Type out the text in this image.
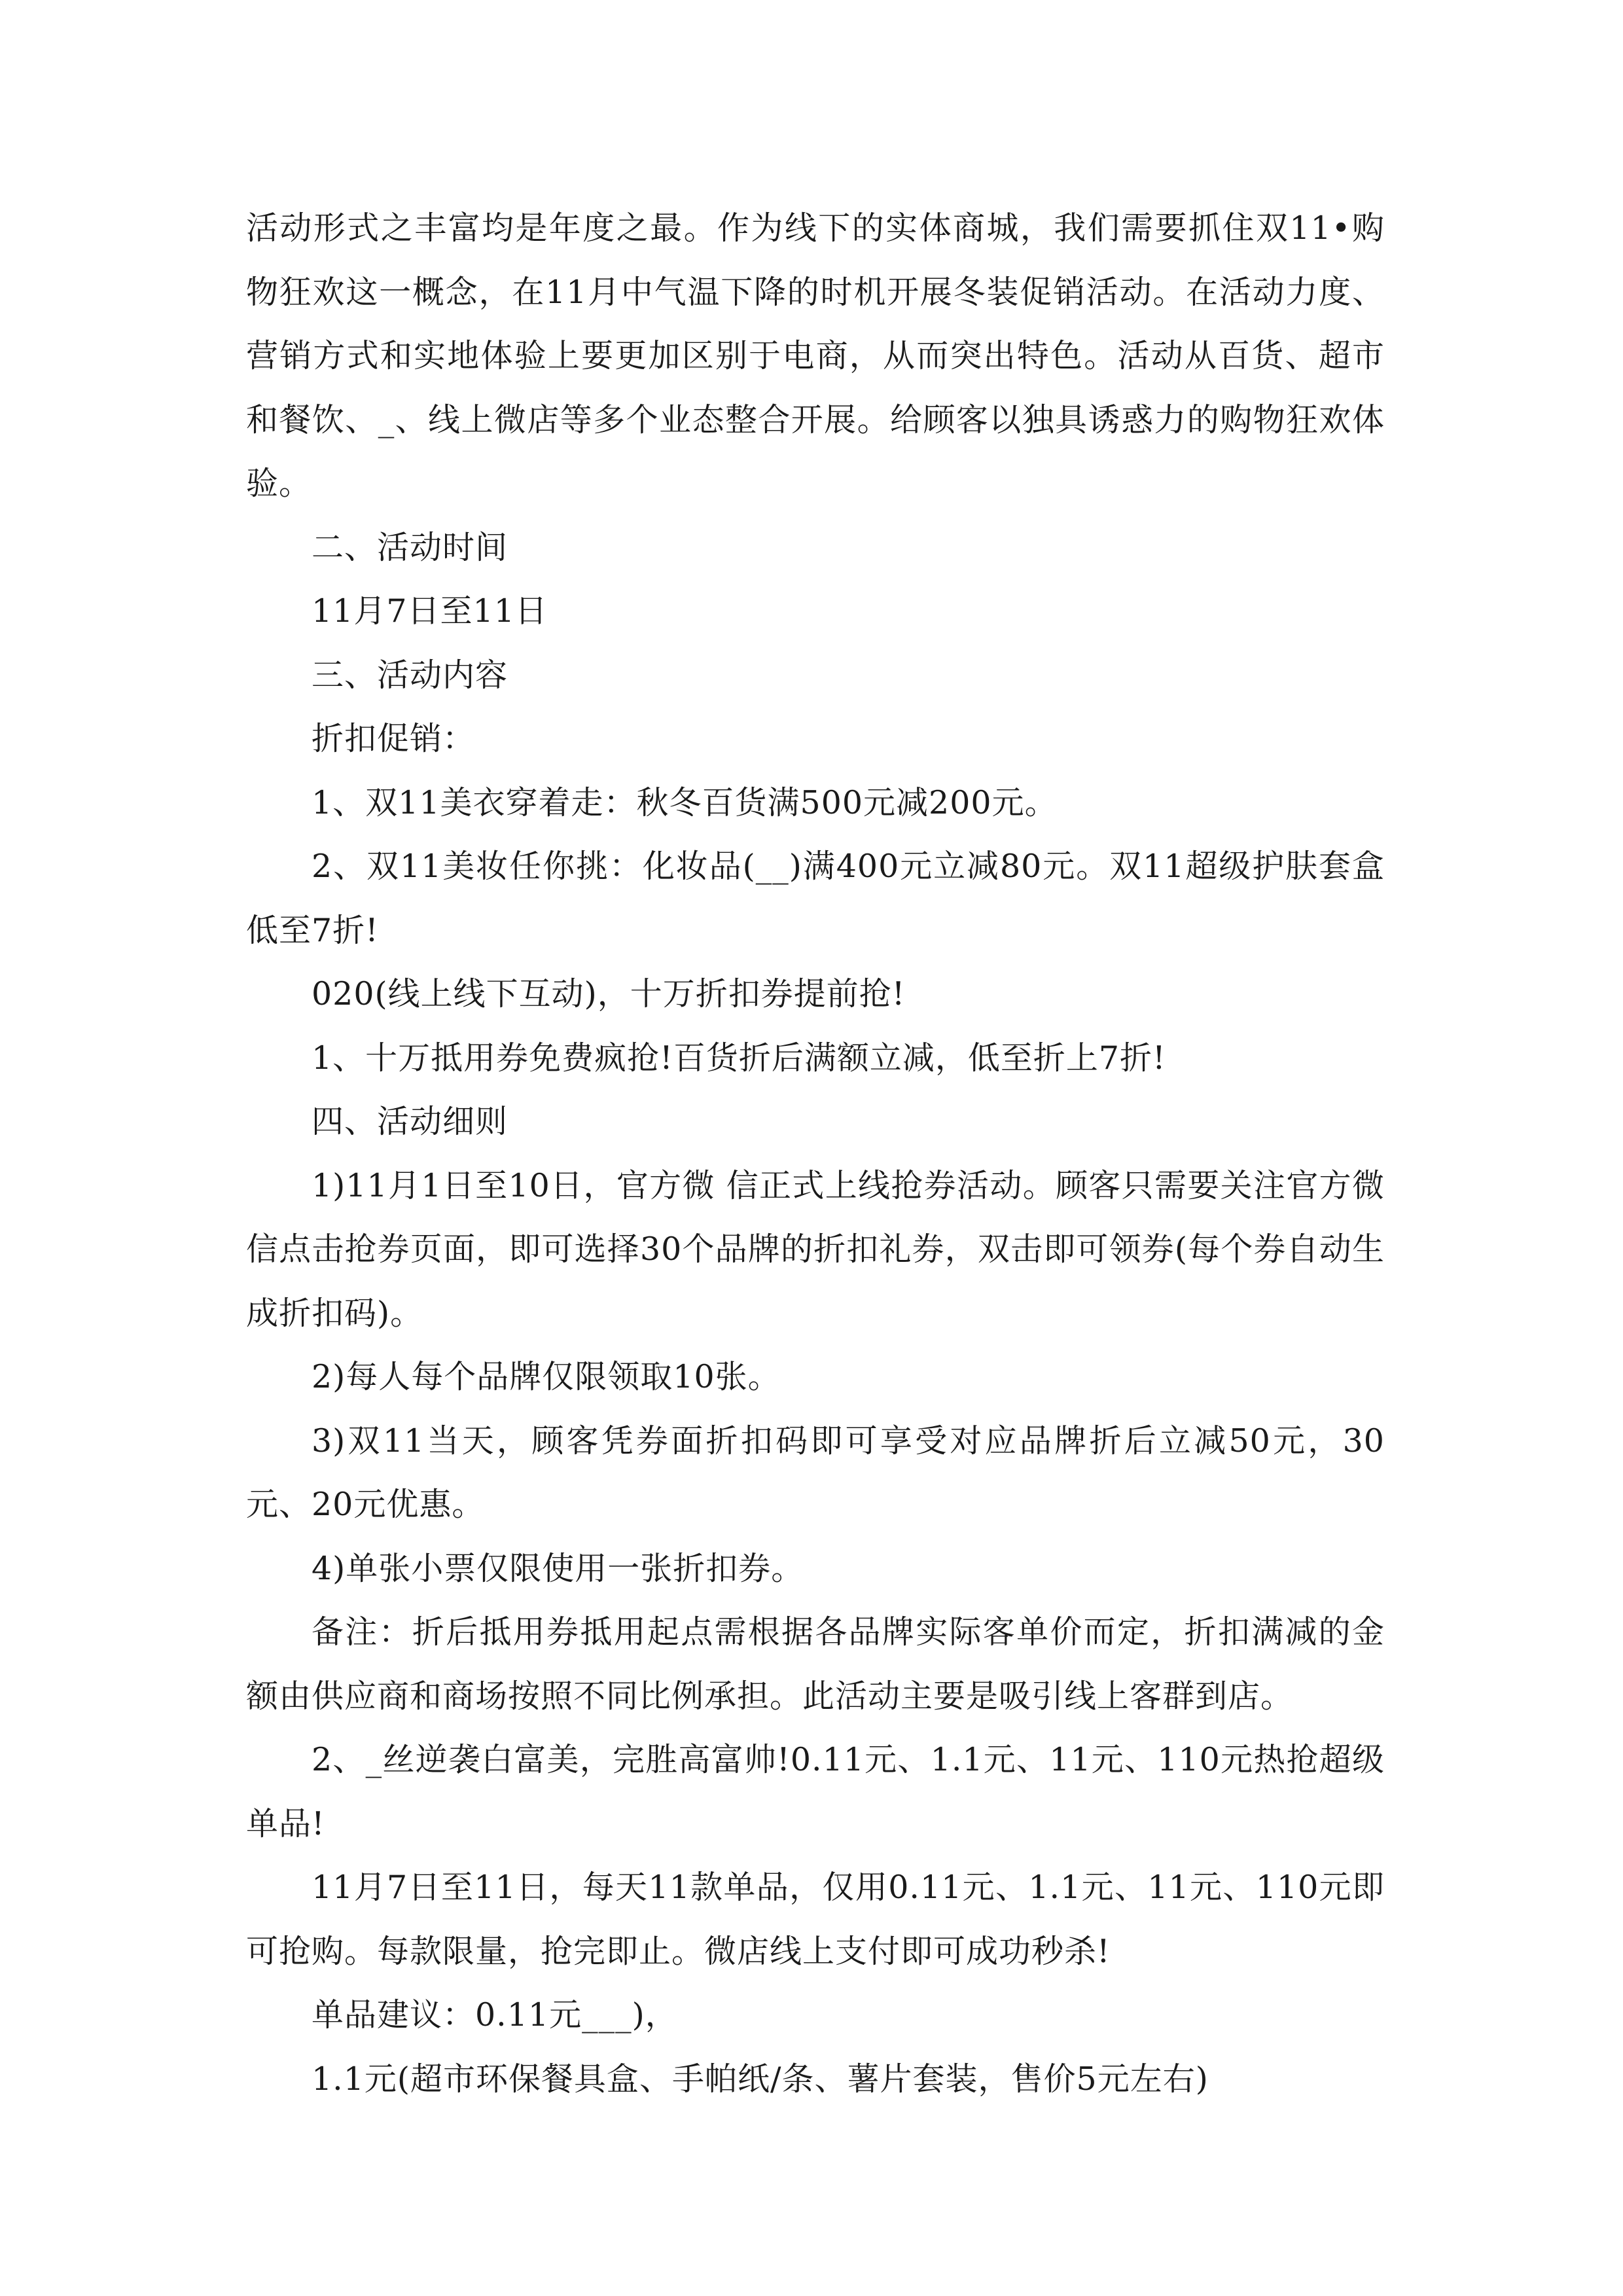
活动形式之丰富均是年度之最。作为线下的实体商城，我们需要抓住双11•购物狂欢这一概念，在11月中气温下降的时机开展冬装促销活动。在活动力度、营销方式和实地体验上要更加区别于电商，从而突出特色。活动从百货、超市和餐饮、_、线上微店等多个业态整合开展。给顾客以独具诱惑力的购物狂欢体验。

二、活动时间

11月7日至11日

三、活动内容

折扣促销：

1、双11美衣穿着走：秋冬百货满500元减200元。

2、双11美妆任你挑：化妆品(__)满400元立减80元。双11超级护肤套盒低至7折!

020(线上线下互动)，十万折扣券提前抢!

1、十万抵用券免费疯抢!百货折后满额立减，低至折上7折!

四、活动细则

1)11月1日至10日，官方微 信正式上线抢券活动。顾客只需要关注官方微信点击抢券页面，即可选择30个品牌的折扣礼券，双击即可领券(每个券自动生成折扣码)。

2)每人每个品牌仅限领取10张。

3)双11当天，顾客凭券面折扣码即可享受对应品牌折后立减50元，30元、20元优惠。

4)单张小票仅限使用一张折扣券。

备注：折后抵用券抵用起点需根据各品牌实际客单价而定，折扣满减的金额由供应商和商场按照不同比例承担。此活动主要是吸引线上客群到店。

2、_丝逆袭白富美，完胜高富帅!0.11元、1.1元、11元、110元热抢超级单品!

11月7日至11日，每天11款单品，仅用0.11元、1.1元、11元、110元即可抢购。每款限量，抢完即止。微店线上支付即可成功秒杀!

单品建议：0.11元___)，

1.1元(超市环保餐具盒、手帕纸/条、薯片套装，售价5元左右)
